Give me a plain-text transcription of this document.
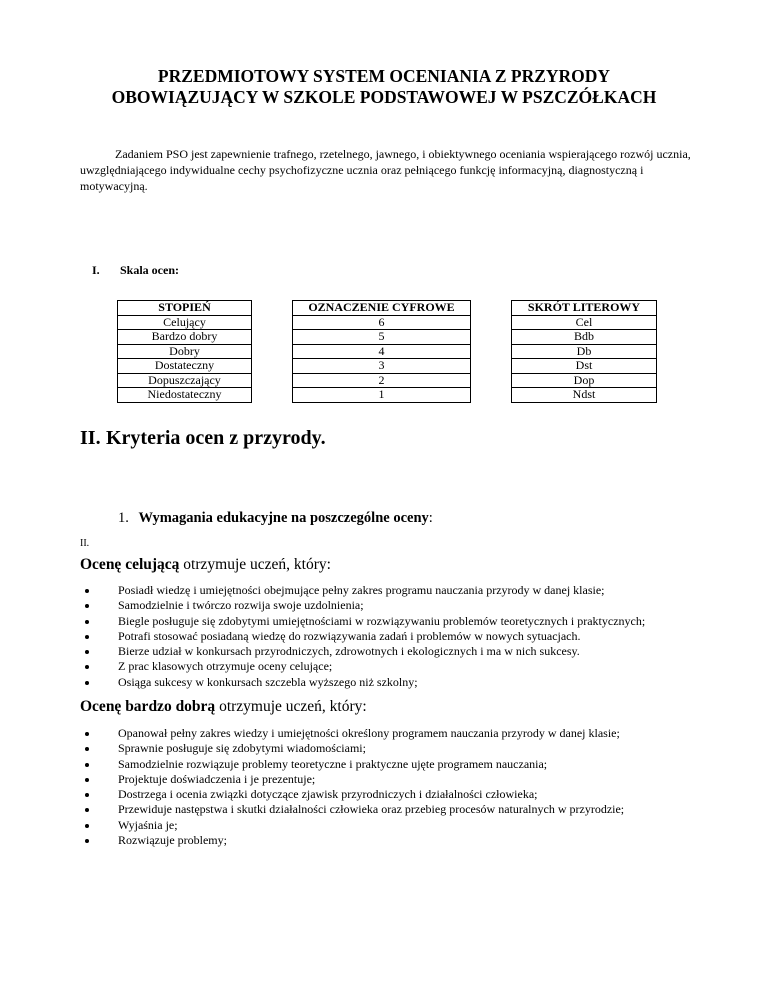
PRZEDMIOTOWY SYSTEM OCENIANIA Z PRZYRODY
OBOWIĄZUJĄCY W SZKOLE PODSTAWOWEJ W PSZCZÓŁKACH

Zadaniem PSO jest zapewnienie trafnego, rzetelnego, jawnego, i obiektywnego oceniania wspierającego rozwój ucznia, uwzględniającego indywidualne cechy psychofizyczne ucznia oraz pełniącego funkcję informacyjną, diagnostyczną i motywacyjną.

I. Skala ocen:
STOPIEŃ		OZNACZENIE CYFROWE		SKRÓT LITEROWY
Celujący		6		Cel
Bardzo dobry		5		Bdb
Dobry		4		Db
Dostateczny		3		Dst
Dopuszczający		2		Dop
Niedostateczny		1		Ndst
II. Kryteria ocen z przyrody.
1. Wymagania edukacyjne na poszczególne oceny:
II.
Ocenę celującą otrzymuje uczeń, który:
Posiadł wiedzę i umiejętności obejmujące pełny zakres programu nauczania przyrody w danej klasie;
Samodzielnie i twórczo rozwija swoje uzdolnienia;
Biegle posługuje się zdobytymi umiejętnościami w rozwiązywaniu problemów teoretycznych i praktycznych;
Potrafi stosować posiadaną wiedzę do rozwiązywania zadań i problemów w nowych sytuacjach.
Bierze udział w konkursach przyrodniczych, zdrowotnych i ekologicznych i ma w nich sukcesy.
Z prac klasowych otrzymuje oceny celujące;
Osiąga sukcesy w konkursach szczebla wyższego niż szkolny;
Ocenę bardzo dobrą otrzymuje uczeń, który:
Opanował pełny zakres wiedzy i umiejętności określony programem nauczania przyrody w danej klasie;
Sprawnie posługuje się zdobytymi wiadomościami;
Samodzielnie rozwiązuje problemy teoretyczne i praktyczne ujęte programem nauczania;
Projektuje doświadczenia i je prezentuje;
Dostrzega i ocenia związki dotyczące zjawisk przyrodniczych i działalności człowieka;
Przewiduje następstwa i skutki działalności człowieka oraz przebieg procesów naturalnych w przyrodzie;
Wyjaśnia je;
Rozwiązuje problemy;
